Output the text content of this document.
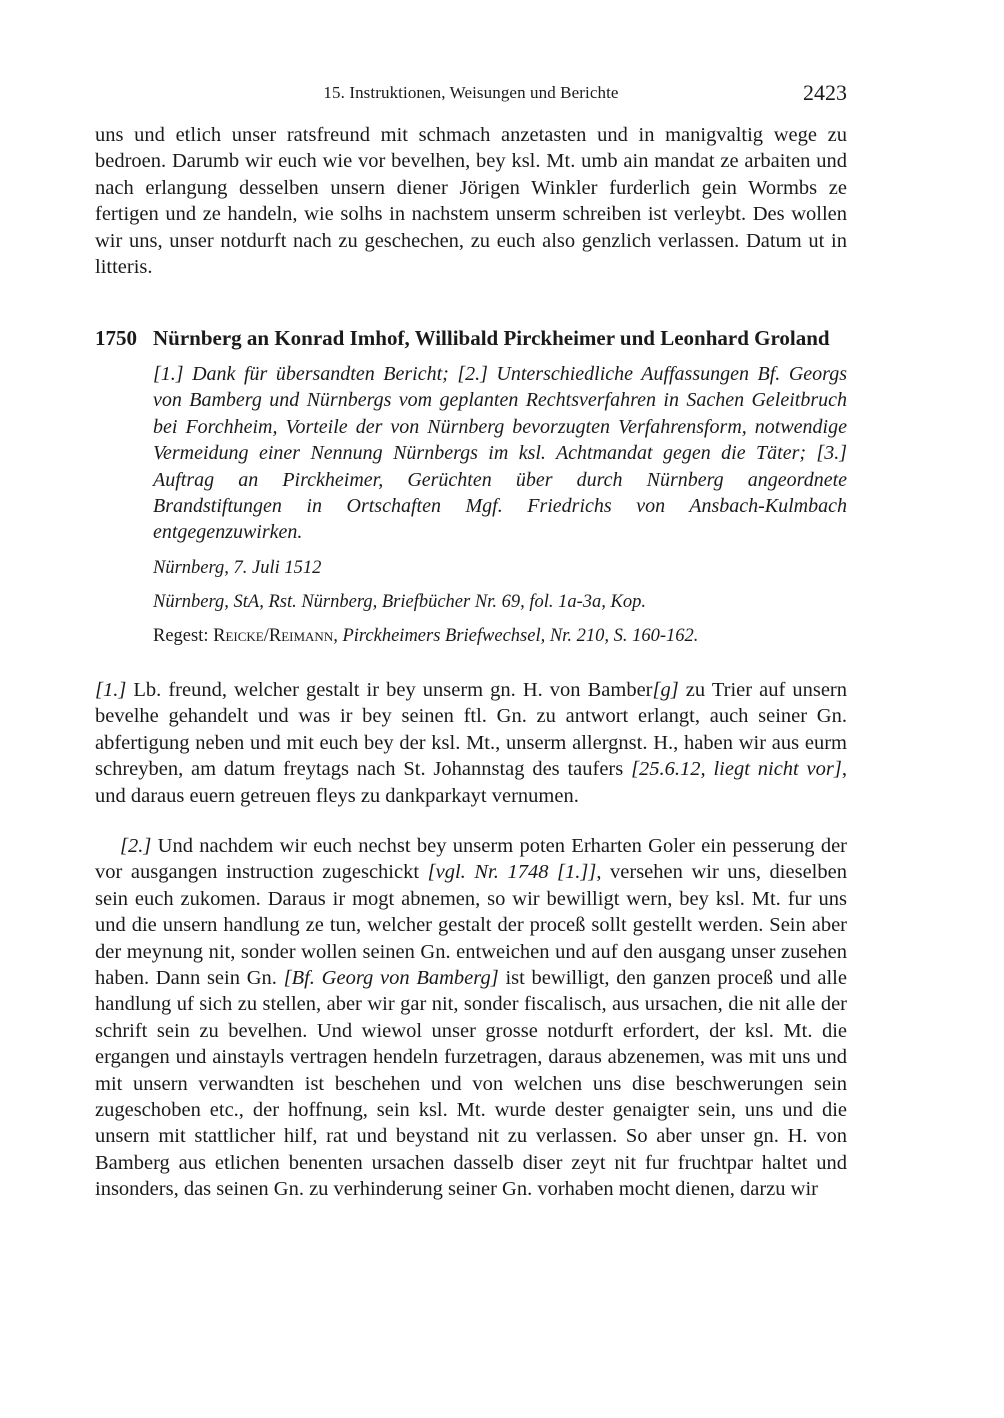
15. Instruktionen, Weisungen und Berichte	2423
uns und etlich unser ratsfreund mit schmach anzetasten und in manigvaltig wege zu bedroen. Darumb wir euch wie vor bevelhen, bey ksl. Mt. umb ain mandat ze arbaiten und nach erlangung desselben unsern diener Jörigen Winkler furderlich gein Wormbs ze fertigen und ze handeln, wie solhs in nachstem unserm schreiben ist verleybt. Des wollen wir uns, unser notdurft nach zu geschechen, zu euch also genzlich verlassen. Datum ut in litteris.
1750 Nürnberg an Konrad Imhof, Willibald Pirckheimer und Leonhard Groland
[1.] Dank für übersandten Bericht; [2.] Unterschiedliche Auffassungen Bf. Georgs von Bamberg und Nürnbergs vom geplanten Rechtsverfahren in Sachen Geleitbruch bei Forchheim, Vorteile der von Nürnberg bevorzugten Verfahrensform, notwendige Vermeidung einer Nennung Nürnbergs im ksl. Achtmandat gegen die Täter; [3.] Auftrag an Pirckheimer, Gerüchten über durch Nürnberg angeordnete Brandstiftungen in Ortschaften Mgf. Friedrichs von Ansbach-Kulmbach entgegenzuwirken.
Nürnberg, 7. Juli 1512
Nürnberg, StA, Rst. Nürnberg, Briefbücher Nr. 69, fol. 1a-3a, Kop.
Regest: Reicke/Reimann, Pirckheimers Briefwechsel, Nr. 210, S. 160-162.
[1.] Lb. freund, welcher gestalt ir bey unserm gn. H. von Bamber[g] zu Trier auf unsern bevelhe gehandelt und was ir bey seinen ftl. Gn. zu antwort erlangt, auch seiner Gn. abfertigung neben und mit euch bey der ksl. Mt., unserm allergnst. H., haben wir aus eurm schreyben, am datum freytags nach St. Johannstag des taufers [25.6.12, liegt nicht vor], und daraus euern getreuen fleys zu dankparkayt vernumen.
[2.] Und nachdem wir euch nechst bey unserm poten Erharten Goler ein pesserung der vor ausgangen instruction zugeschickt [vgl. Nr. 1748 [1.]], versehen wir uns, dieselben sein euch zukomen. Daraus ir mogt abnemen, so wir bewilligt wern, bey ksl. Mt. fur uns und die unsern handlung ze tun, welcher gestalt der proceß sollt gestellt werden. Sein aber der meynung nit, sonder wollen seinen Gn. entweichen und auf den ausgang unser zusehen haben. Dann sein Gn. [Bf. Georg von Bamberg] ist bewilligt, den ganzen proceß und alle handlung uf sich zu stellen, aber wir gar nit, sonder fiscalisch, aus ursachen, die nit alle der schrift sein zu bevelhen. Und wiewol unser grosse notdurft erfordert, der ksl. Mt. die ergangen und ainstayls vertragen hendeln furzetragen, daraus abzenemen, was mit uns und mit unsern verwandten ist beschehen und von welchen uns dise beschwerungen sein zugeschoben etc., der hoffnung, sein ksl. Mt. wurde dester genaigter sein, uns und die unsern mit stattlicher hilf, rat und beystand nit zu verlassen. So aber unser gn. H. von Bamberg aus etlichen benenten ursachen dasselb diser zeyt nit fur fruchtpar haltet und insonders, das seinen Gn. zu verhinderung seiner Gn. vorhaben mocht dienen, darzu wir
